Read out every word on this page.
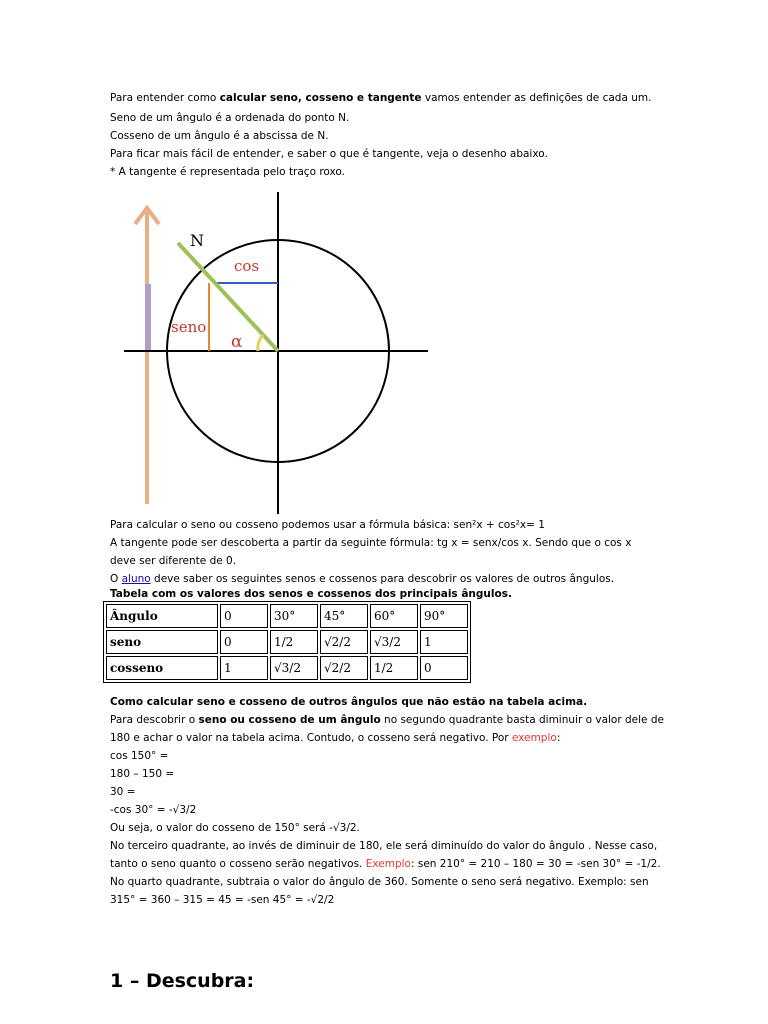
Para entender como calcular seno, cosseno e tangente vamos entender as definições de cada um.

Seno de um ângulo é a ordenada do ponto N.

Cosseno de um ângulo é a abscissa de N.

Para ficar mais fácil de entender, e saber o que é tangente, veja o desenho abaixo.

* A tangente é representada pelo traço roxo.

N
cos
seno
α

Para calcular o seno ou cosseno podemos usar a fórmula básica: sen²x + cos²x= 1

A tangente pode ser descoberta a partir da seguinte fórmula: tg x = senx/cos x. Sendo que o cos x deve ser diferente de 0.

O aluno deve saber os seguintes senos e cossenos para descobrir os valores de outros ângulos.

Tabela com os valores dos senos e cossenos dos principais ângulos.

Ângulo	0	30°	45°	60°	90°
seno	0	1/2	√2/2	√3/2	1
cosseno	1	√3/2	√2/2	1/2	0

Como calcular seno e cosseno de outros ângulos que não estão na tabela acima.

Para descobrir o seno ou cosseno de um ângulo no segundo quadrante basta diminuir o valor dele de 180 e achar o valor na tabela acima. Contudo, o cosseno será negativo. Por exemplo:

cos 150° =

180 – 150 =

30 =

-cos 30° = -√3/2

Ou seja, o valor do cosseno de 150° será -√3/2.

No terceiro quadrante, ao invés de diminuir de 180, ele será diminuído do valor do ângulo . Nesse caso, tanto o seno quanto o cosseno serão negativos. Exemplo: sen 210° = 210 – 180 = 30 = -sen 30° = -1/2.

No quarto quadrante, subtraia o valor do ângulo de 360. Somente o seno será negativo. Exemplo: sen 315° = 360 – 315 = 45 = -sen 45° = -√2/2

1 – Descubra:
